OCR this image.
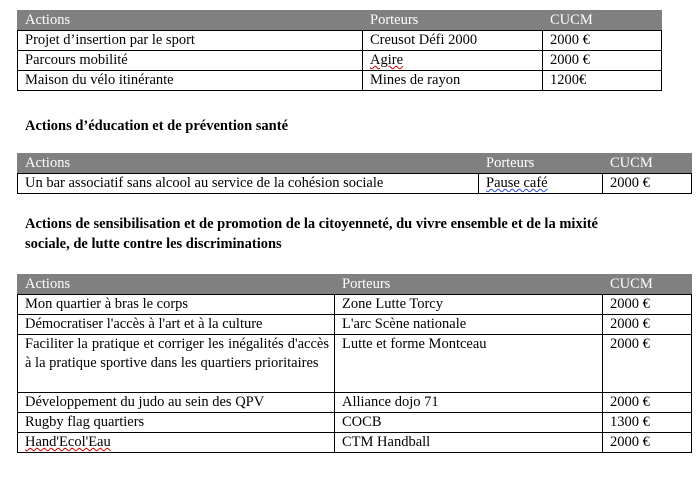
Actions	Porteurs	CUCM
Projet d’insertion par le sport	Creusot Défi 2000	2000 €
Parcours mobilité	Agire	2000 €
Maison du vélo itinérante	Mines de rayon	1200€
Actions d’éducation et de prévention santé
Actions	Porteurs	CUCM
Un bar associatif sans alcool au service de la cohésion sociale	Pause café	2000 €
Actions de sensibilisation et de promotion de la citoyenneté, du vivre ensemble et de la mixité
sociale, de lutte contre les discriminations
Actions	Porteurs	CUCM
Mon quartier à bras le corps	Zone Lutte Torcy	2000 €
Démocratiser l'accès à l'art et à la culture	L'arc Scène nationale	2000 €
Faciliter la pratique et corriger les inégalités d'accès à la pratique sportive dans les quartiers prioritaires	Lutte et forme Montceau	2000 €
Développement du judo au sein des QPV	Alliance dojo 71	2000 €
Rugby flag quartiers	COCB	1300 €
Hand'Ecol'Eau	CTM Handball	2000 €
